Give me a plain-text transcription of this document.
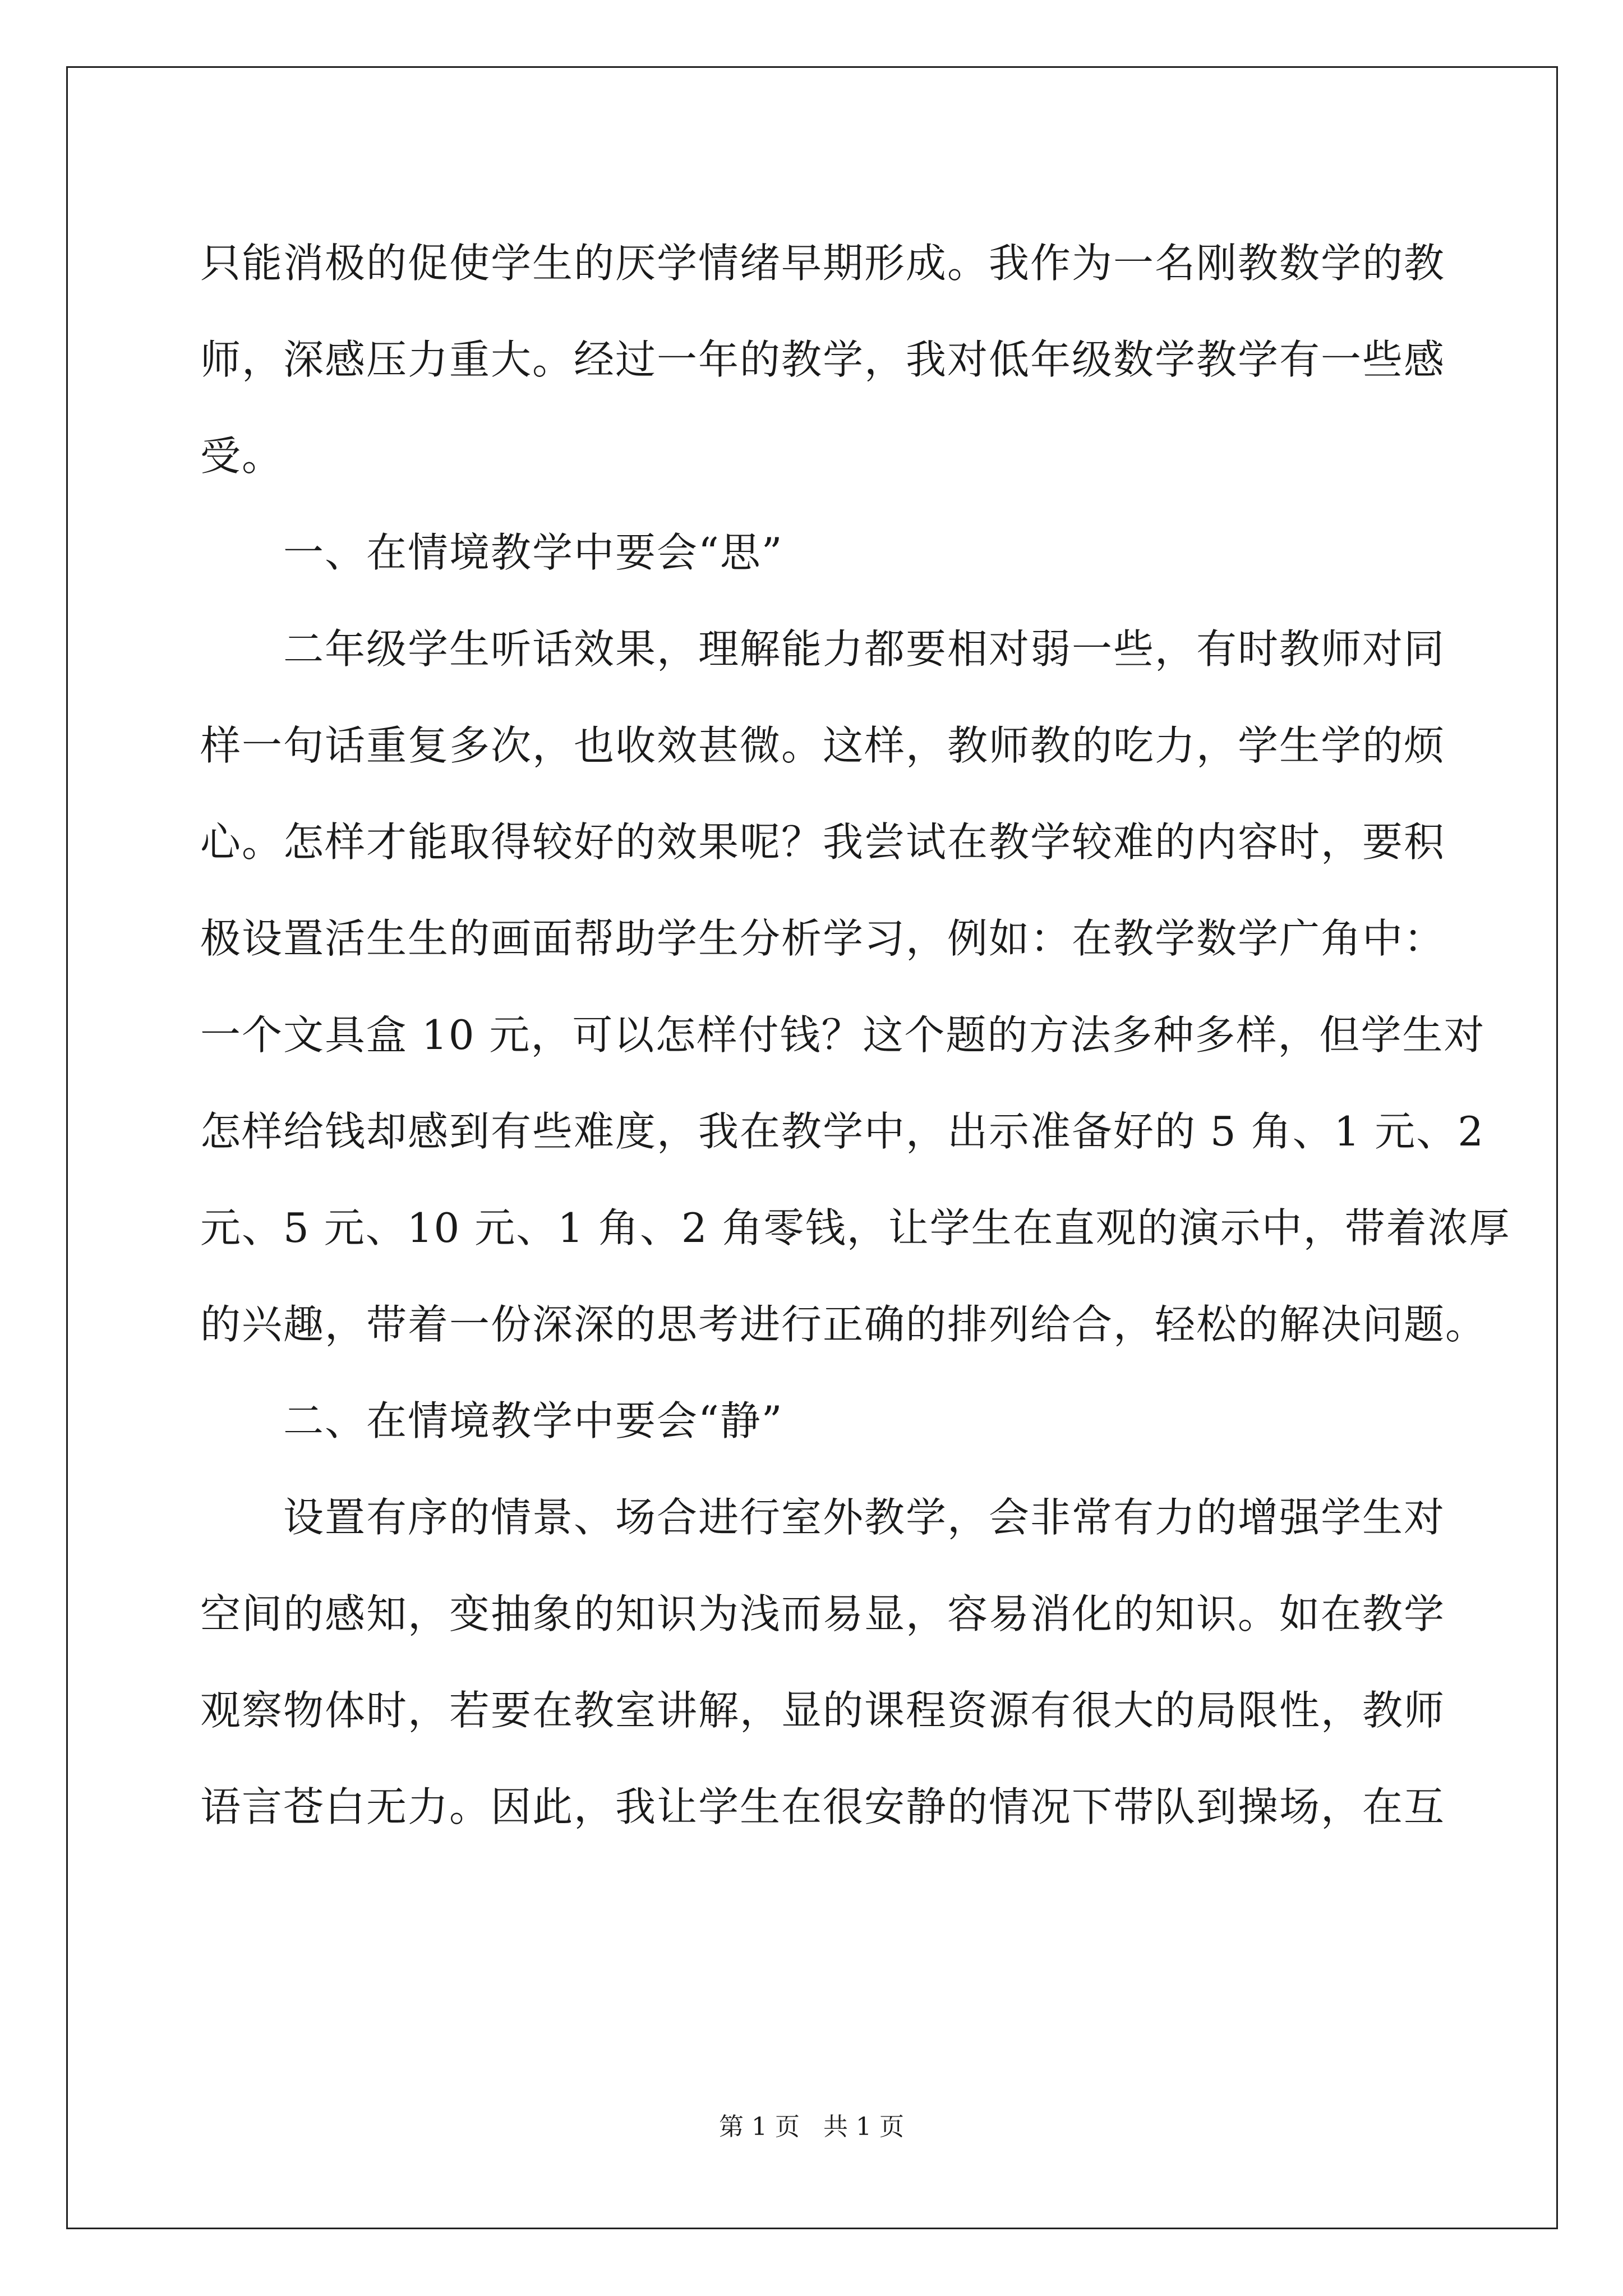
只能消极的促使学生的厌学情绪早期形成。我作为一名刚教数学的教
师，深感压力重大。经过一年的教学，我对低年级数学教学有一些感
受。
　　一、在情境教学中要会“思”
　　二年级学生听话效果，理解能力都要相对弱一些，有时教师对同
样一句话重复多次，也收效甚微。这样，教师教的吃力，学生学的烦
心。怎样才能取得较好的效果呢？我尝试在教学较难的内容时，要积
极设置活生生的画面帮助学生分析学习，例如：在教学数学广角中：
一个文具盒 10 元，可以怎样付钱？这个题的方法多种多样，但学生对
怎样给钱却感到有些难度，我在教学中，出示准备好的 5 角、1 元、2
元、5 元、10 元、1 角、2 角零钱，让学生在直观的演示中，带着浓厚
的兴趣，带着一份深深的思考进行正确的排列给合，轻松的解决问题。
　　二、在情境教学中要会“静”
　　设置有序的情景、场合进行室外教学，会非常有力的增强学生对
空间的感知，变抽象的知识为浅而易显，容易消化的知识。如在教学
观察物体时，若要在教室讲解，显的课程资源有很大的局限性，教师
语言苍白无力。因此，我让学生在很安静的情况下带队到操场，在互
第 1 页 共 1 页
